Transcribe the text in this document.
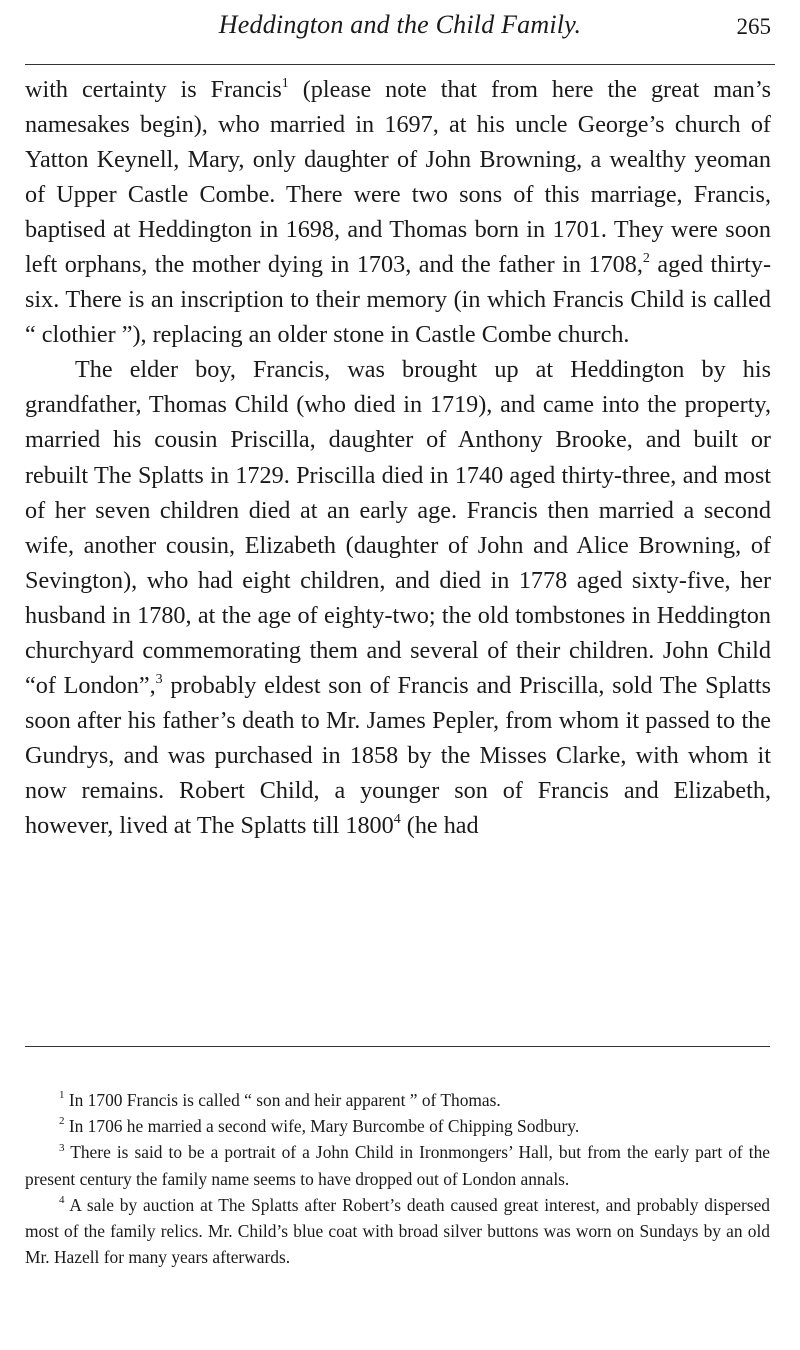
Heddington and the Child Family.	265

with certainty is Francis$^1$ (please note that from here the great man’s namesakes begin), who married in 1697, at his uncle George’s church of Yatton Keynell, Mary, only daughter of John Browning, a wealthy yeoman of Upper Castle Combe. There were two sons of this marriage, Francis, baptised at Heddington in 1698, and Thomas born in 1701. They were soon left orphans, the mother dying in 1703, and the father in 1708,$^2$ aged thirty-six. There is an inscription to their memory (in which Francis Child is called “ clothier ”), replacing an older stone in Castle Combe church.

The elder boy, Francis, was brought up at Heddington by his grandfather, Thomas Child (who died in 1719), and came into the property, married his cousin Priscilla, daughter of Anthony Brooke, and built or rebuilt The Splatts in 1729. Priscilla died in 1740 aged thirty-three, and most of her seven children died at an early age. Francis then married a second wife, another cousin, Elizabeth (daughter of John and Alice Browning, of Sevington), who had eight children, and died in 1778 aged sixty-five, her husband in 1780, at the age of eighty-two; the old tombstones in Heddington churchyard commemorating them and several of their children. John Child “of London”,$^3$ probably eldest son of Francis and Priscilla, sold The Splatts soon after his father’s death to Mr. James Pepler, from whom it passed to the Gundrys, and was purchased in 1858 by the Misses Clarke, with whom it now remains. Robert Child, a younger son of Francis and Elizabeth, however, lived at The Splatts till 1800$^4$ (he had

$^1$ In 1700 Francis is called “ son and heir apparent ” of Thomas.

$^2$ In 1706 he married a second wife, Mary Burcombe of Chipping Sodbury.

$^3$ There is said to be a portrait of a John Child in Ironmongers’ Hall, but from the early part of the present century the family name seems to have dropped out of London annals.

$^4$ A sale by auction at The Splatts after Robert’s death caused great interest, and probably dispersed most of the family relics. Mr. Child’s blue coat with broad silver buttons was worn on Sundays by an old Mr. Hazell for many years afterwards.
